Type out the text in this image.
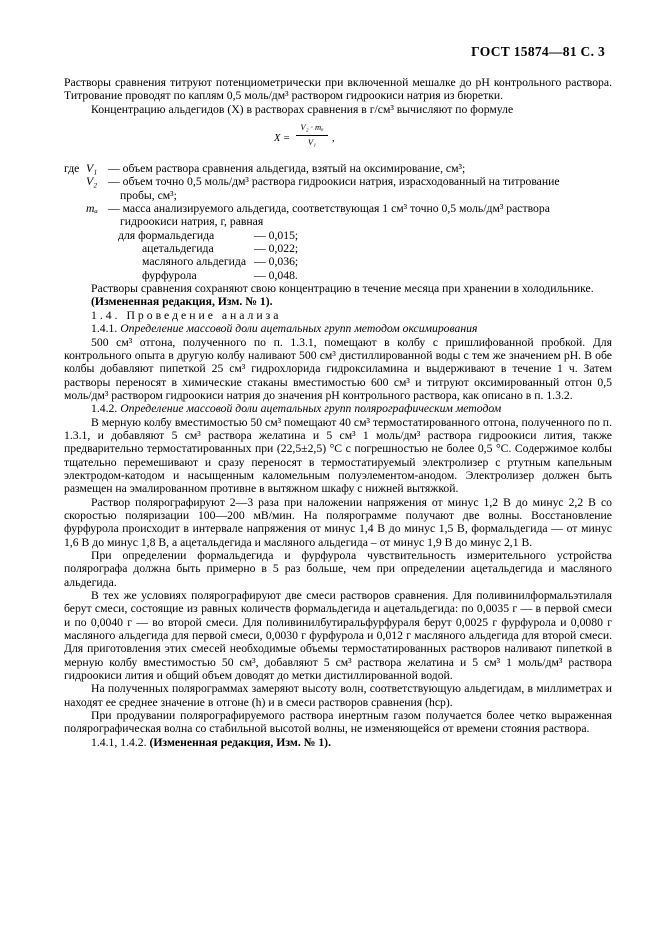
ГОСТ 15874—81 С. 3

Растворы сравнения титруют потенциометрически при включенной мешалке до pH контрольного раствора. Титрование проводят по каплям 0,5 моль/дм³ раствором гидроокиси натрия из бюретки.

Концентрацию альдегидов (X) в растворах сравнения в г/см³ вычисляют по формуле

$X = \frac{\text{V₂ · mₐ}}{\text{V₁}}$ ,
где V₁ — объем раствора сравнения альдегида, взятый на оксимирование, см³;
V₂ — объем точно 0,5 моль/дм³ раствора гидроокиси натрия, израсходованный на титрование
пробы, см³;
mₐ — масса анализируемого альдегида, соответствующая 1 см³ точно 0,5 моль/дм³ раствора
гидроокиси натрия, г, равная
для формальдегида	— 0,015;
ацетальдегида	— 0,022;
масляного альдегида — 0,036;
фурфурола	— 0,048.

Растворы сравнения сохраняют свою концентрацию в течение месяца при хранении в холодильнике.

(Измененная редакция, Изм. № 1).

1.4. Проведение анализа

1.4.1. Определение массовой доли ацетальных групп методом оксимирования

500 см³ отгона, полученного по п. 1.3.1, помещают в колбу с пришлифованной пробкой. Для контрольного опыта в другую колбу наливают 500 см³ дистиллированной воды с тем же значением pH. В обе колбы добавляют пипеткой 25 см³ гидрохлорида гидроксиламина и выдерживают в течение 1 ч. Затем растворы переносят в химические стаканы вместимостью 600 см³ и титруют оксимированный отгон 0,5 моль/дм³ раствором гидроокиси натрия до значения pH контрольного раствора, как описано в п. 1.3.2.

1.4.2. Определение массовой доли ацетальных групп полярографическим методом

В мерную колбу вместимостью 50 см³ помещают 40 см³ термостатированного отгона, полученного по п. 1.3.1, и добавляют 5 см³ раствора желатина и 5 см³ 1 моль/дм³ раствора гидроокиси лития, также предварительно термостатированных при (22,5±2,5) °С с погрешностью не более 0,5 °С. Содержимое колбы тщательно перемешивают и сразу переносят в термостатируемый электролизер с ртутным капельным электродом-катодом и насыщенным каломельным полуэлементом-анодом. Электролизер должен быть размещен на эмалированном противне в вытяжном шкафу с нижней вытяжкой.

Раствор полярографируют 2—3 раза при наложении напряжения от минус 1,2 В до минус 2,2 В со скоростью поляризации 100—200 мВ/мин. На полярограмме получают две волны. Восстановление фурфурола происходит в интервале напряжения от минус 1,4 В до минус 1,5 В, формальдегида — от минус 1,6 В до минус 1,8 В, а ацетальдегида и масляного альдегида – от минус 1,9 В до минус 2,1 В.

При определении формальдегида и фурфурола чувствительность измерительного устройства полярографа должна быть примерно в 5 раз больше, чем при определении ацетальдегида и масляного альдегида.

В тех же условиях полярографируют две смеси растворов сравнения. Для поливинилформальэтилаля берут смеси, состоящие из равных количеств формальдегида и ацетальдегида: по 0,0035 г — в первой смеси и по 0,0040 г — во второй смеси. Для поливинилбутиральфурфураля берут 0,0025 г фурфурола и 0,0080 г масляного альдегида для первой смеси, 0,0030 г фурфурола и 0,012 г масляного альдегида для второй смеси. Для приготовления этих смесей необходимые объемы термостатированных растворов наливают пипеткой в мерную колбу вместимостью 50 см³, добавляют 5 см³ раствора желатина и 5 см³ 1 моль/дм³ раствора гидроокиси лития и общий объем доводят до метки дистиллированной водой.

На полученных полярограммах замеряют высоту волн, соответствующую альдегидам, в миллиметрах и находят ее среднее значение в отгоне (h) и в смеси растворов сравнения (hср).

При продувании полярографируемого раствора инертным газом получается более четко выраженная полярографическая волна со стабильной высотой волны, не изменяющейся от времени стояния раствора.

1.4.1, 1.4.2. (Измененная редакция, Изм. № 1).
